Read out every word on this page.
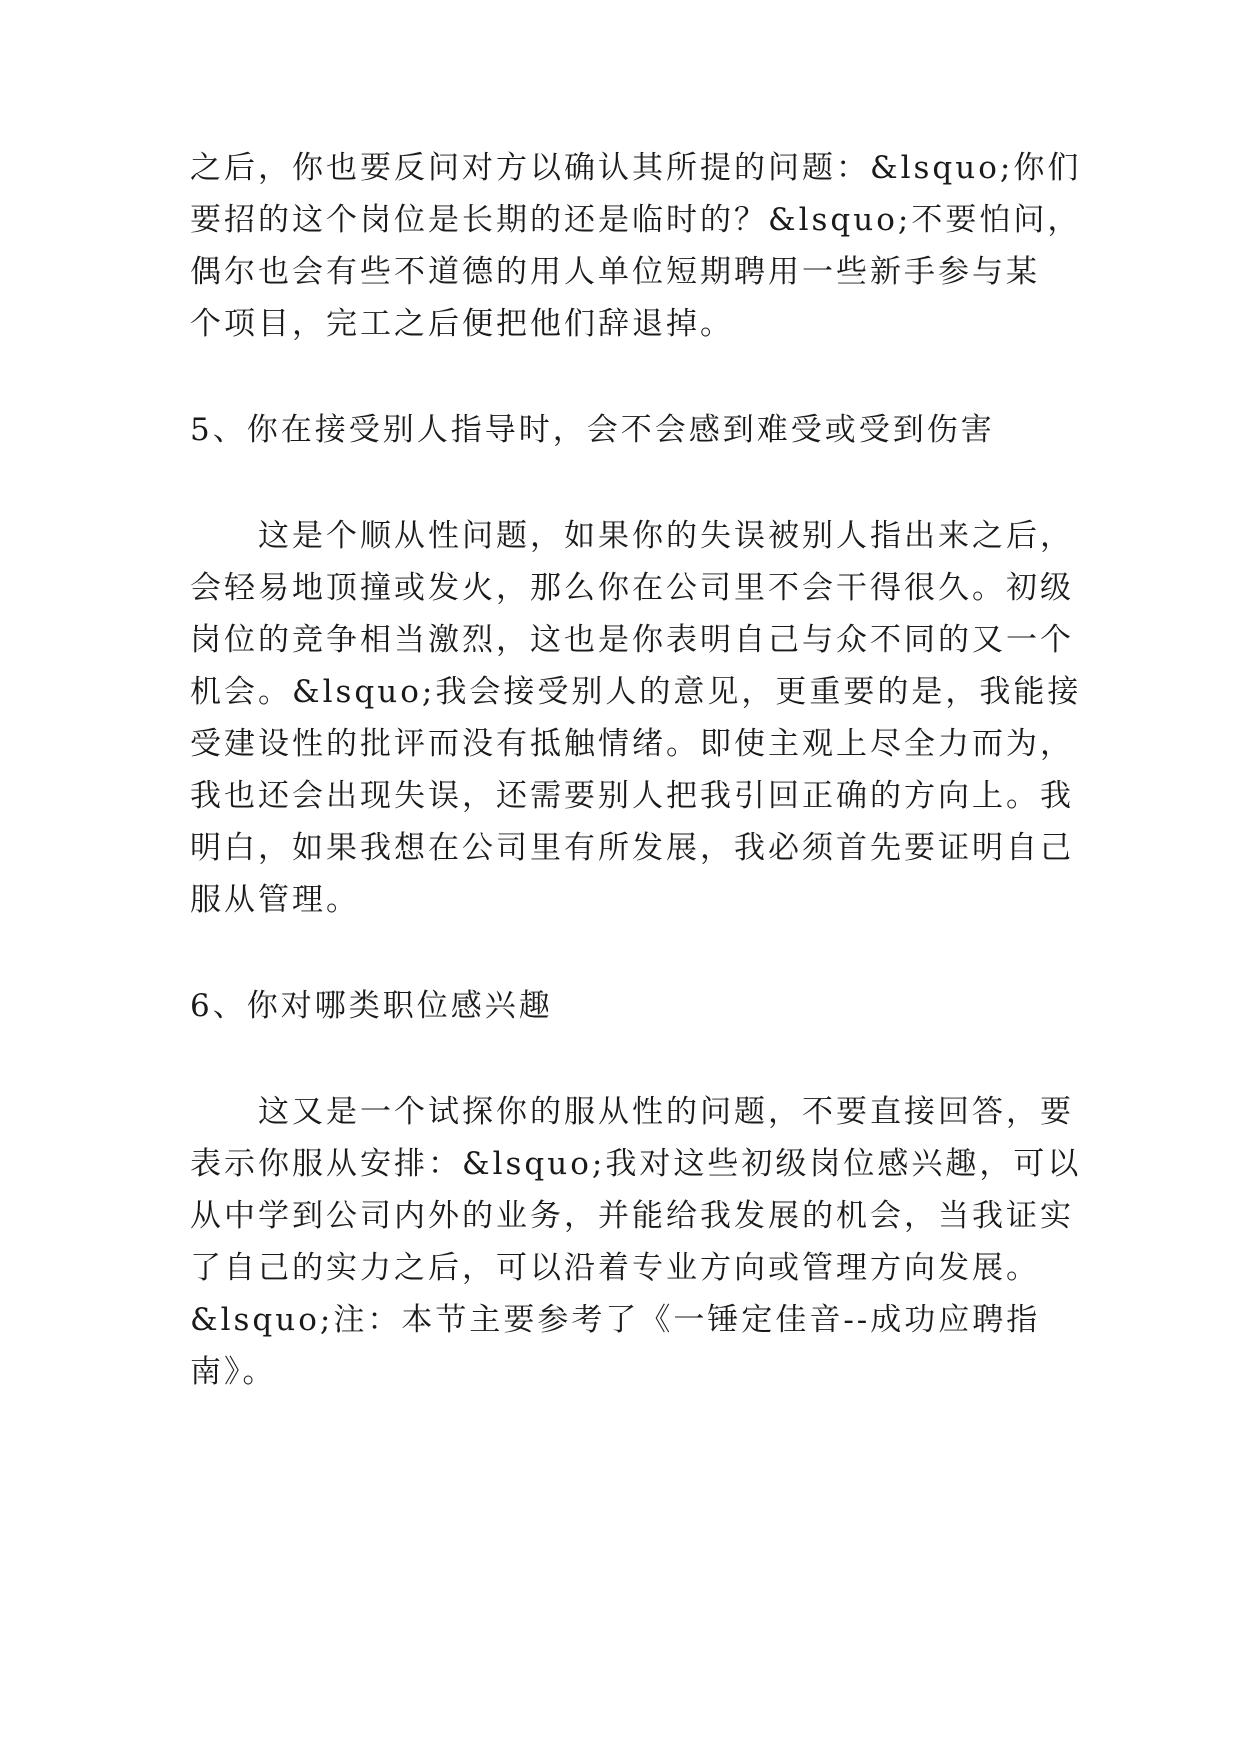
之后，你也要反问对方以确认其所提的问题：&lsquo;你们

要招的这个岗位是长期的还是临时的？&lsquo;不要怕问，

偶尔也会有些不道德的用人单位短期聘用一些新手参与某

个项目，完工之后便把他们辞退掉。

5、你在接受别人指导时，会不会感到难受或受到伤害

这是个顺从性问题，如果你的失误被别人指出来之后，

会轻易地顶撞或发火，那么你在公司里不会干得很久。初级

岗位的竞争相当激烈，这也是你表明自己与众不同的又一个

机会。&lsquo;我会接受别人的意见，更重要的是，我能接

受建设性的批评而没有抵触情绪。即使主观上尽全力而为，

我也还会出现失误，还需要别人把我引回正确的方向上。我

明白，如果我想在公司里有所发展，我必须首先要证明自己

服从管理。

6、你对哪类职位感兴趣

这又是一个试探你的服从性的问题，不要直接回答，要

表示你服从安排：&lsquo;我对这些初级岗位感兴趣，可以

从中学到公司内外的业务，并能给我发展的机会，当我证实

了自己的实力之后，可以沿着专业方向或管理方向发展。

&lsquo;注：本节主要参考了《一锤定佳音--成功应聘指

南》。
